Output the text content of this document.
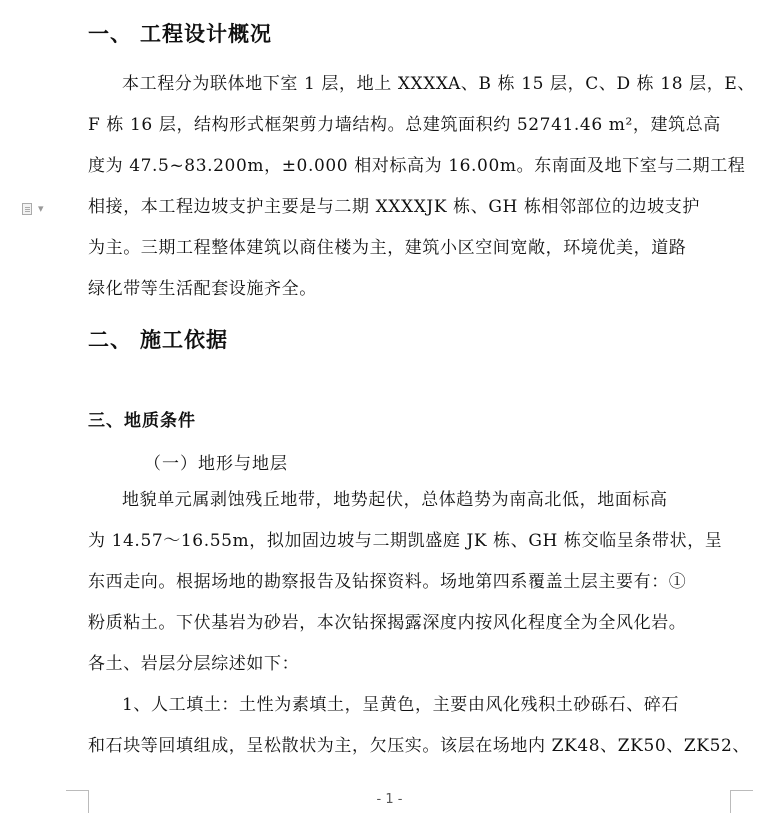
▾
一、 工程设计概况
本工程分为联体地下室 1 层，地上 XXXXA、B 栋 15 层，C、D 栋 18 层，E、
F 栋 16 层，结构形式框架剪力墙结构。总建筑面积约 52741.46 m²，建筑总高
度为 47.5~83.200m，±0.000 相对标高为 16.00m。东南面及地下室与二期工程
相接，本工程边坡支护主要是与二期 XXXXJK 栋、GH 栋相邻部位的边坡支护
为主。三期工程整体建筑以商住楼为主，建筑小区空间宽敞，环境优美，道路
绿化带等生活配套设施齐全。
二、 施工依据
三、地质条件
（一）地形与地层
地貌单元属剥蚀残丘地带，地势起伏，总体趋势为南高北低，地面标高
为 14.57～16.55m，拟加固边坡与二期凯盛庭 JK 栋、GH 栋交临呈条带状，呈
东西走向。根据场地的勘察报告及钻探资料。场地第四系覆盖土层主要有：①
粉质粘土。下伏基岩为砂岩，本次钻探揭露深度内按风化程度全为全风化岩。
各土、岩层分层综述如下：
1、人工填土：土性为素填土，呈黄色，主要由风化残积土砂砾石、碎石
和石块等回填组成，呈松散状为主，欠压实。该层在场地内 ZK48、ZK50、ZK52、
- 1 -
